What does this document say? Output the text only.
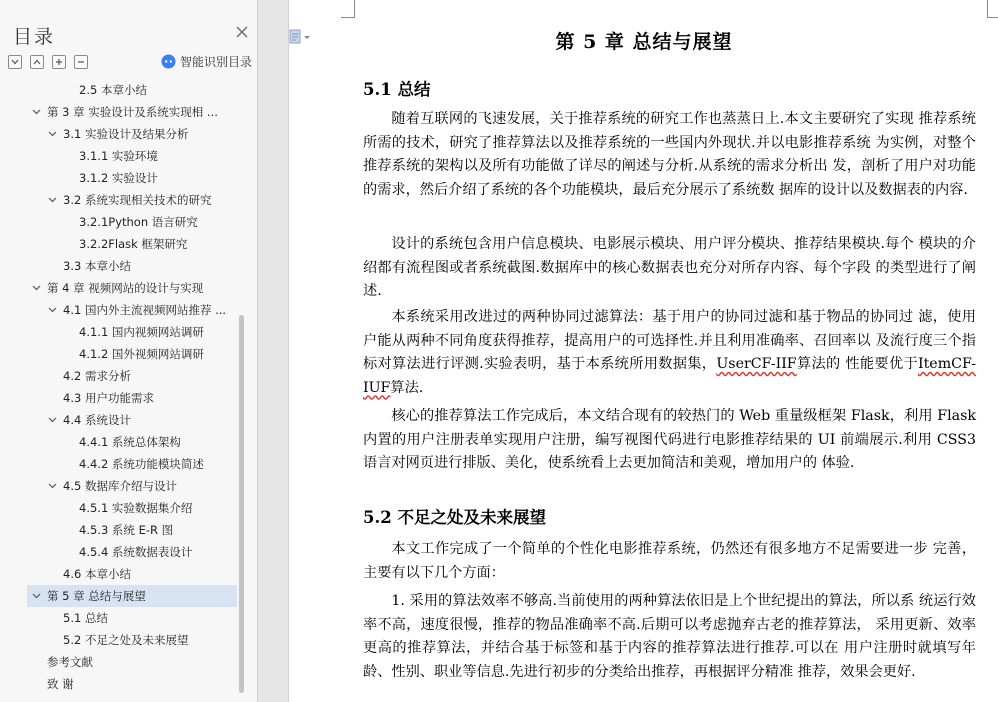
目录
智能识别目录
2.5 本章小结
第 3 章 实验设计及系统实现相 ...
3.1 实验设计及结果分析
3.1.1 实验环境
3.1.2 实验设计
3.2 系统实现相关技术的研究
3.2.1Python 语言研究
3.2.2Flask 框架研究
3.3 本章小结
第 4 章 视频网站的设计与实现
4.1 国内外主流视频网站推荐 ...
4.1.1 国内视频网站调研
4.1.2 国外视频网站调研
4.2 需求分析
4.3 用户功能需求
4.4 系统设计
4.4.1 系统总体架构
4.4.2 系统功能模块简述
4.5 数据库介绍与设计
4.5.1 实验数据集介绍
4.5.3 系统 E-R 图
4.5.4 系统数据表设计
4.6 本章小结
第 5 章 总结与展望
5.1 总结
5.2 不足之处及未来展望
参考文献
致 谢
第 5 章 总结与展望
5.1 总结
随着互联网的飞速发展，关于推荐系统的研究工作也蒸蒸日上.本文主要研究了实现 推荐系统所需的技术，研究了推荐算法以及推荐系统的一些国内外现状.并以电影推荐系统 为实例，对整个推荐系统的架构以及所有功能做了详尽的阐述与分析.从系统的需求分析出 发，剖析了用户对功能的需求，然后介绍了系统的各个功能模块，最后充分展示了系统数 据库的设计以及数据表的内容.
设计的系统包含用户信息模块、电影展示模块、用户评分模块、推荐结果模块.每个 模块的介绍都有流程图或者系统截图.数据库中的核心数据表也充分对所存内容、每个字段 的类型进行了阐述.
本系统采用改进过的两种协同过滤算法：基于用户的协同过滤和基于物品的协同过 滤，使用户能从两种不同角度获得推荐，提高用户的可选择性.并且利用准确率、召回率以 及流行度三个指标对算法进行评测.实验表明，基于本系统所用数据集，UserCF-IIF算法的 性能要优于ItemCF-IUF算法.
核心的推荐算法工作完成后，本文结合现有的较热门的 Web 重量级框架 Flask，利用 Flask 内置的用户注册表单实现用户注册，编写视图代码进行电影推荐结果的 UI 前端展示.利用 CSS3 语言对网页进行排版、美化，使系统看上去更加简洁和美观，增加用户的 体验.
5.2 不足之处及未来展望
本文工作完成了一个简单的个性化电影推荐系统，仍然还有很多地方不足需要进一步 完善，主要有以下几个方面：
1. 采用的算法效率不够高.当前使用的两种算法依旧是上个世纪提出的算法，所以系 统运行效率不高，速度很慢，推荐的物品准确率不高.后期可以考虑抛弃古老的推荐算法， 采用更新、效率更高的推荐算法，并结合基于标签和基于内容的推荐算法进行推荐.可以在 用户注册时就填写年龄、性别、职业等信息.先进行初步的分类给出推荐，再根据评分精准 推荐，效果会更好.
